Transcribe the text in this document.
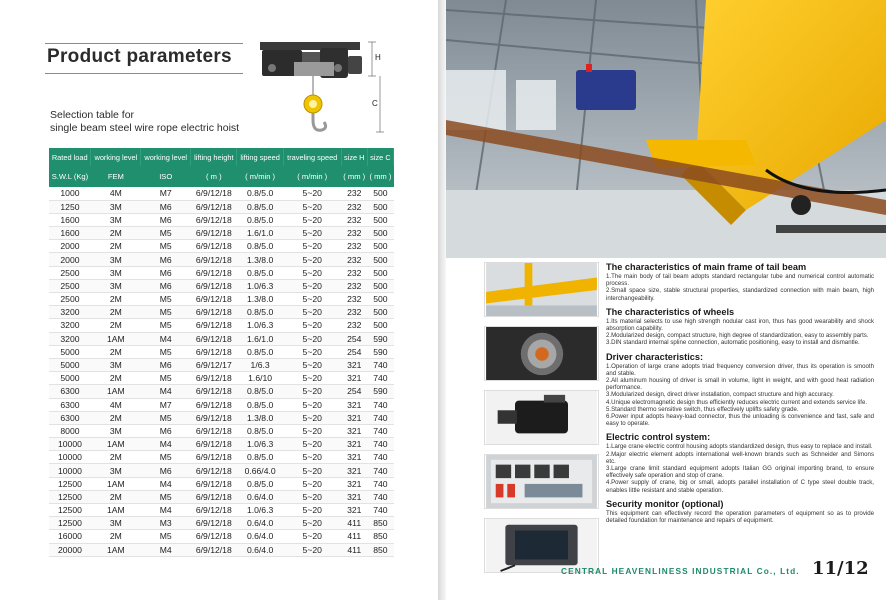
Product parameters	H
C
Selection table for
single beam steel wire rope electric hoist
Rated load	working level	working level	lifting height	lifting speed	traveling speed	size H	size C
S.W.L (Kg)	FEM	ISO	( m )	( m/min )	( m/min )	( mm )	( mm )
1000	4M	M7	6/9/12/18	0.8/5.0	5~20	232	500
1250	3M	M6	6/9/12/18	0.8/5.0	5~20	232	500
1600	3M	M6	6/9/12/18	0.8/5.0	5~20	232	500
1600	2M	M5	6/9/12/18	1.6/1.0	5~20	232	500
2000	2M	M5	6/9/12/18	0.8/5.0	5~20	232	500
2000	3M	M6	6/9/12/18	1.3/8.0	5~20	232	500
2500	3M	M6	6/9/12/18	0.8/5.0	5~20	232	500
2500	3M	M6	6/9/12/18	1.0/6.3	5~20	232	500
2500	2M	M5	6/9/12/18	1.3/8.0	5~20	232	500
3200	2M	M5	6/9/12/18	0.8/5.0	5~20	232	500
3200	2M	M5	6/9/12/18	1.0/6.3	5~20	232	500
3200	1AM	M4	6/9/12/18	1.6/1.0	5~20	254	590
5000	2M	M5	6/9/12/18	0.8/5.0	5~20	254	590
5000	3M	M6	6/9/12/17	1/6.3	5~20	321	740
5000	2M	M5	6/9/12/18	1.6/10	5~20	321	740
6300	1AM	M4	6/9/12/18	0.8/5.0	5~20	254	590
6300	4M	M7	6/9/12/18	0.8/5.0	5~20	321	740
6300	2M	M5	6/9/12/18	1.3/8.0	5~20	321	740
8000	3M	M6	6/9/12/18	0.8/5.0	5~20	321	740
10000	1AM	M4	6/9/12/18	1.0/6.3	5~20	321	740
10000	2M	M5	6/9/12/18	0.8/5.0	5~20	321	740
10000	3M	M6	6/9/12/18	0.66/4.0	5~20	321	740
12500	1AM	M4	6/9/12/18	0.8/5.0	5~20	321	740
12500	2M	M5	6/9/12/18	0.6/4.0	5~20	321	740
12500	1AM	M4	6/9/12/18	1.0/6.3	5~20	321	740
12500	3M	M3	6/9/12/18	0.6/4.0	5~20	411	850
16000	2M	M5	6/9/12/18	0.6/4.0	5~20	411	850
20000	1AM	M4	6/9/12/18	0.6/4.0	5~20	411	850

The characteristics of main frame of tail beam
1.The main body of tail beam adopts standard rectangular tube and numerical control automatic process.
2.Small space size, stable structural properties, standardized connection with main beam, high interchangeability.
The characteristics of wheels
1.Its material selects to use high strength nodular cast iron, thus has good wearability and shock absorption capability.
2.Modularized design, compact structure, high degree of standardization, easy to assembly parts.
3.DIN standard internal spline connection, automatic positioning, easy to install and dismantle.
Driver characteristics:
1.Operation of large crane adopts triad frequency conversion driver, thus its operation is smooth and stable.
2.All aluminum housing of driver is small in volume, light in weight, and with good heat radiation performance.
3.Modularized design, direct driver installation, compact structure and high accuracy.
4.Unique electromagnetic design thus efficiently reduces electric current and extends service life.
5.Standard thermo sensitive switch, thus effectively uplifts safety grade.
6.Power input adopts heavy-load connector, thus the unloading is convenience and fast, safe and easy to operate.
Electric control system:
1.Large crane electric control housing adopts standardized design, thus easy to replace and install.
2.Major electric element adopts international well-known brands such as Schneider and Simons etc.
3.Large crane limit standard equipment adopts Italian GG original importing brand, to ensure effectively safe operation and stop of crane.
4.Power supply of crane, big or small, adopts parallel installation of C type steel double track, enables little resistant and stable operation.
Security monitor (optional)
This equipment can effectively record the operation parameters of equipment so as to provide detailed foundation for maintenance and repairs of equipment.
CENTRAL HEAVENLINESS INDUSTRIAL Co., Ltd. 11/12
